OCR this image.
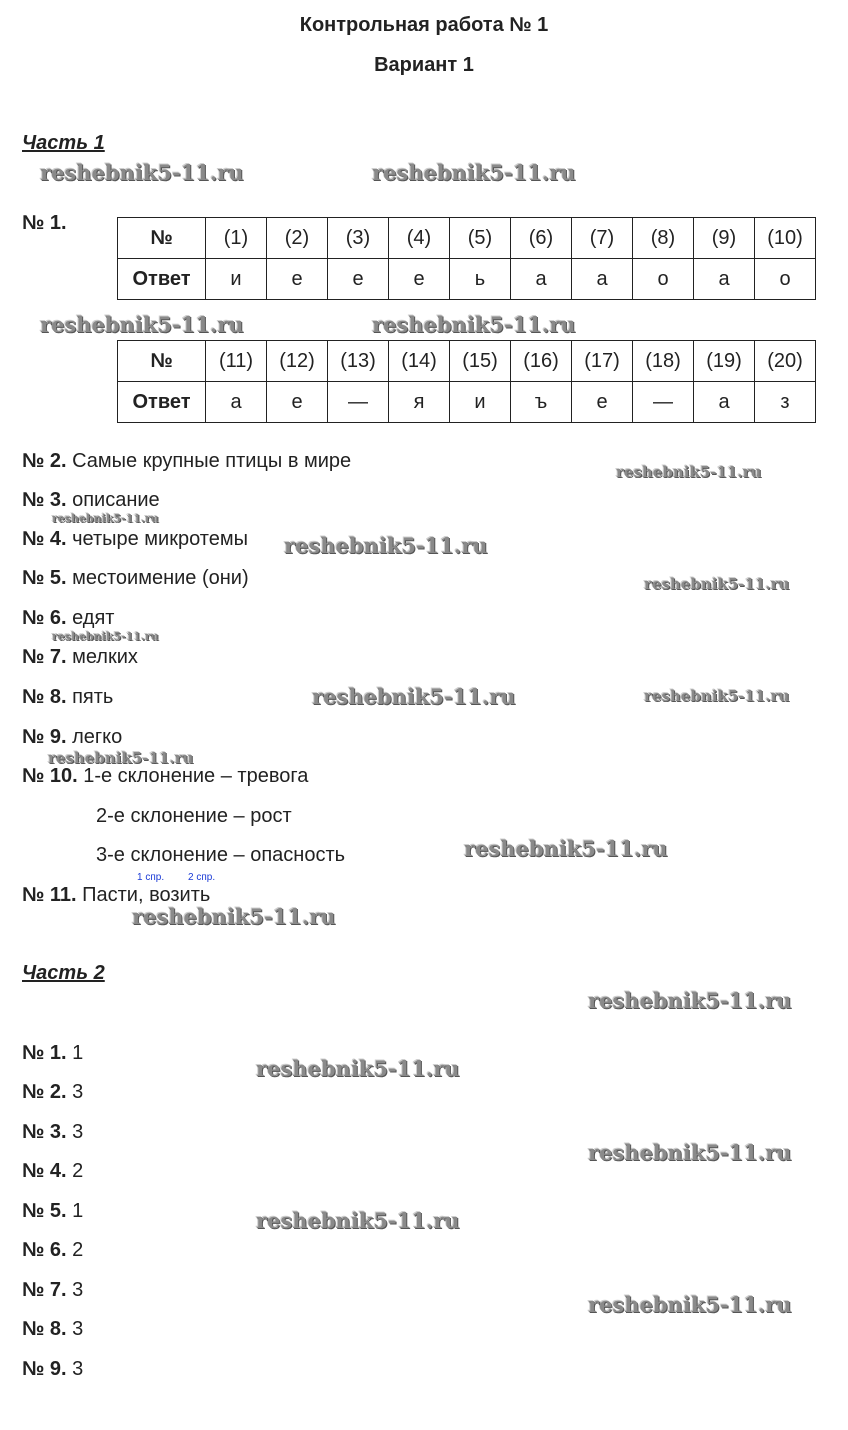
Контрольная работа № 1
Вариант 1
Часть 1
№ 1.
№	(1)	(2)	(3)	(4)	(5)	(6)	(7)	(8)	(9)	(10)
Ответ	и	е	е	е	ь	а	а	о	а	о
№	(11)	(12)	(13)	(14)	(15)	(16)	(17)	(18)	(19)	(20)
Ответ	а	е	—	я	и	ъ	е	—	а	з
№ 2. Самые крупные птицы в мире
№ 3. описание
№ 4. четыре микротемы
№ 5. местоимение (они)
№ 6. едят
№ 7. мелких
№ 8. пять
№ 9. легко
№ 10. 1-е склонение – тревога
2-е склонение – рост
3-е склонение – опасность
1 спр. 2 спр.
№ 11. Пасти, возить
Часть 2
№ 1. 1
№ 2. 3
№ 3. 3
№ 4. 2
№ 5. 1
№ 6. 2
№ 7. 3
№ 8. 3
№ 9. 3
reshebnik5-11.ru	reshebnik5-11.ru
reshebnik5-11.ru	reshebnik5-11.ru
reshebnik5-11.ru
reshebnik5-11.ru
reshebnik5-11.ru
reshebnik5-11.ru
reshebnik5-11.ru
reshebnik5-11.ru	reshebnik5-11.ru
reshebnik5-11.ru
reshebnik5-11.ru
reshebnik5-11.ru
reshebnik5-11.ru
reshebnik5-11.ru
reshebnik5-11.ru
reshebnik5-11.ru
reshebnik5-11.ru
